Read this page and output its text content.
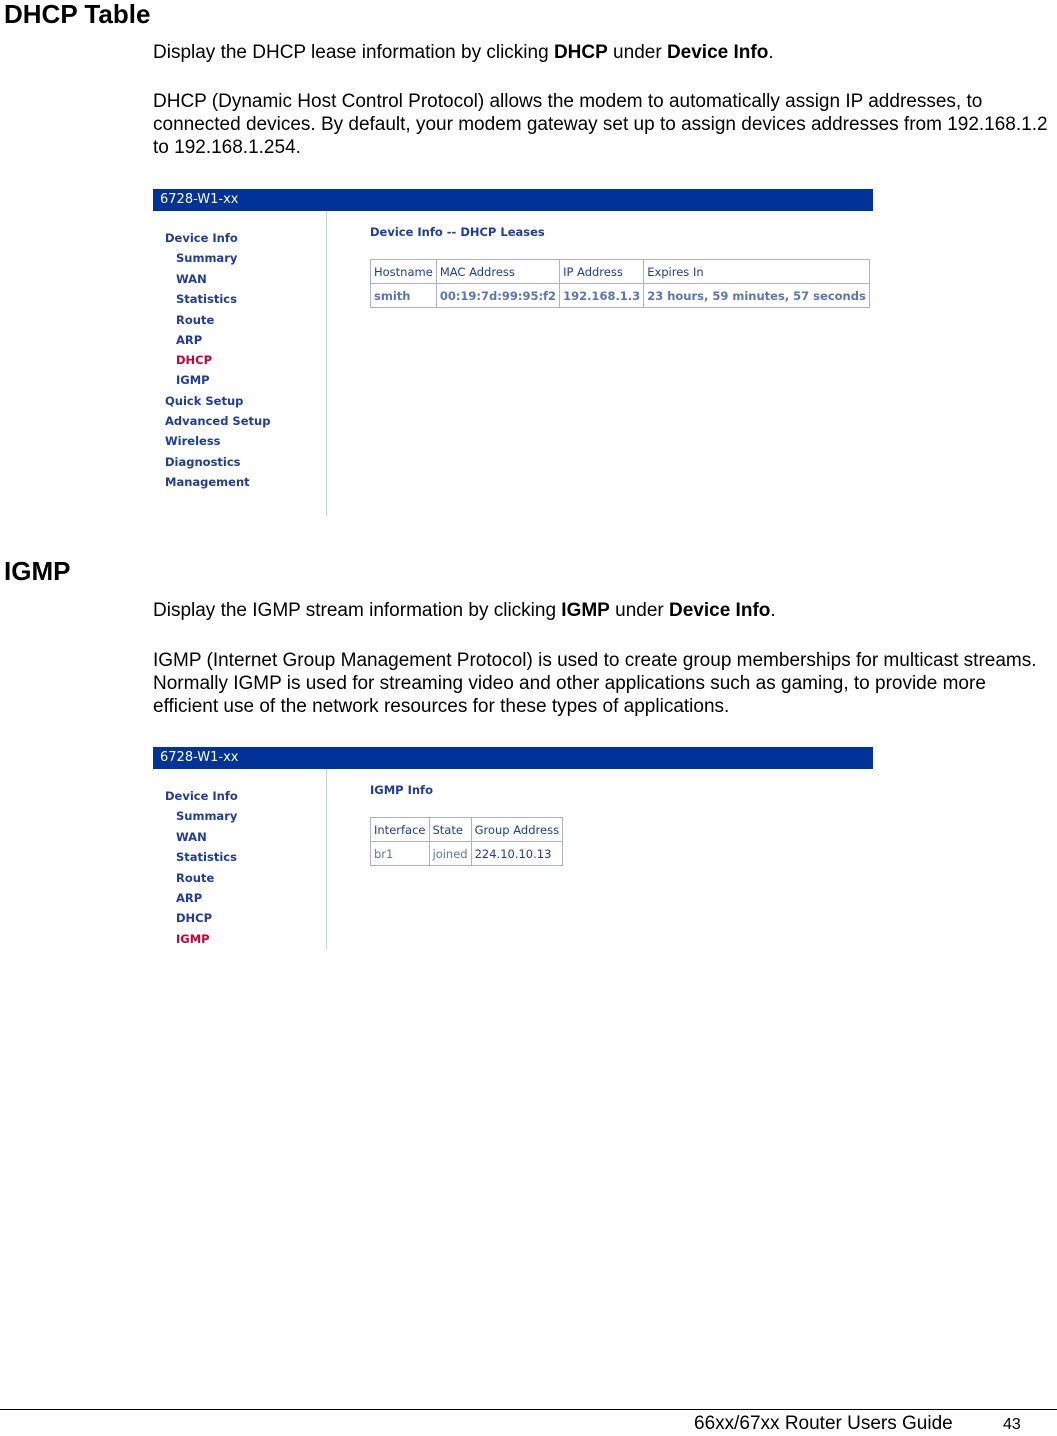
DHCP Table

Display the DHCP lease information by clicking DHCP under Device Info.

DHCP (Dynamic Host Control Protocol) allows the modem to automatically assign IP addresses, to connected devices. By default, your modem gateway set up to assign devices addresses from 192.168.1.2 to 192.168.1.254.

6728-W1-xx
Device Info
Summary
WAN
Statistics
Route
ARP
DHCP
IGMP
Quick Setup
Advanced Setup
Wireless
Diagnostics
Management
Device Info -- DHCP Leases
Hostname	MAC Address	IP Address	Expires In
smith	00:19:7d:99:95:f2	192.168.1.3	23 hours, 59 minutes, 57 seconds
IGMP

Display the IGMP stream information by clicking IGMP under Device Info.

IGMP (Internet Group Management Protocol) is used to create group memberships for multicast streams. Normally IGMP is used for streaming video and other applications such as gaming, to provide more efficient use of the network resources for these types of applications.

6728-W1-xx
Device Info
Summary
WAN
Statistics
Route
ARP
DHCP
IGMP
IGMP Info
Interface	State	Group Address
br1	joined	224.10.10.13
66xx/67xx Router Users Guide	43
